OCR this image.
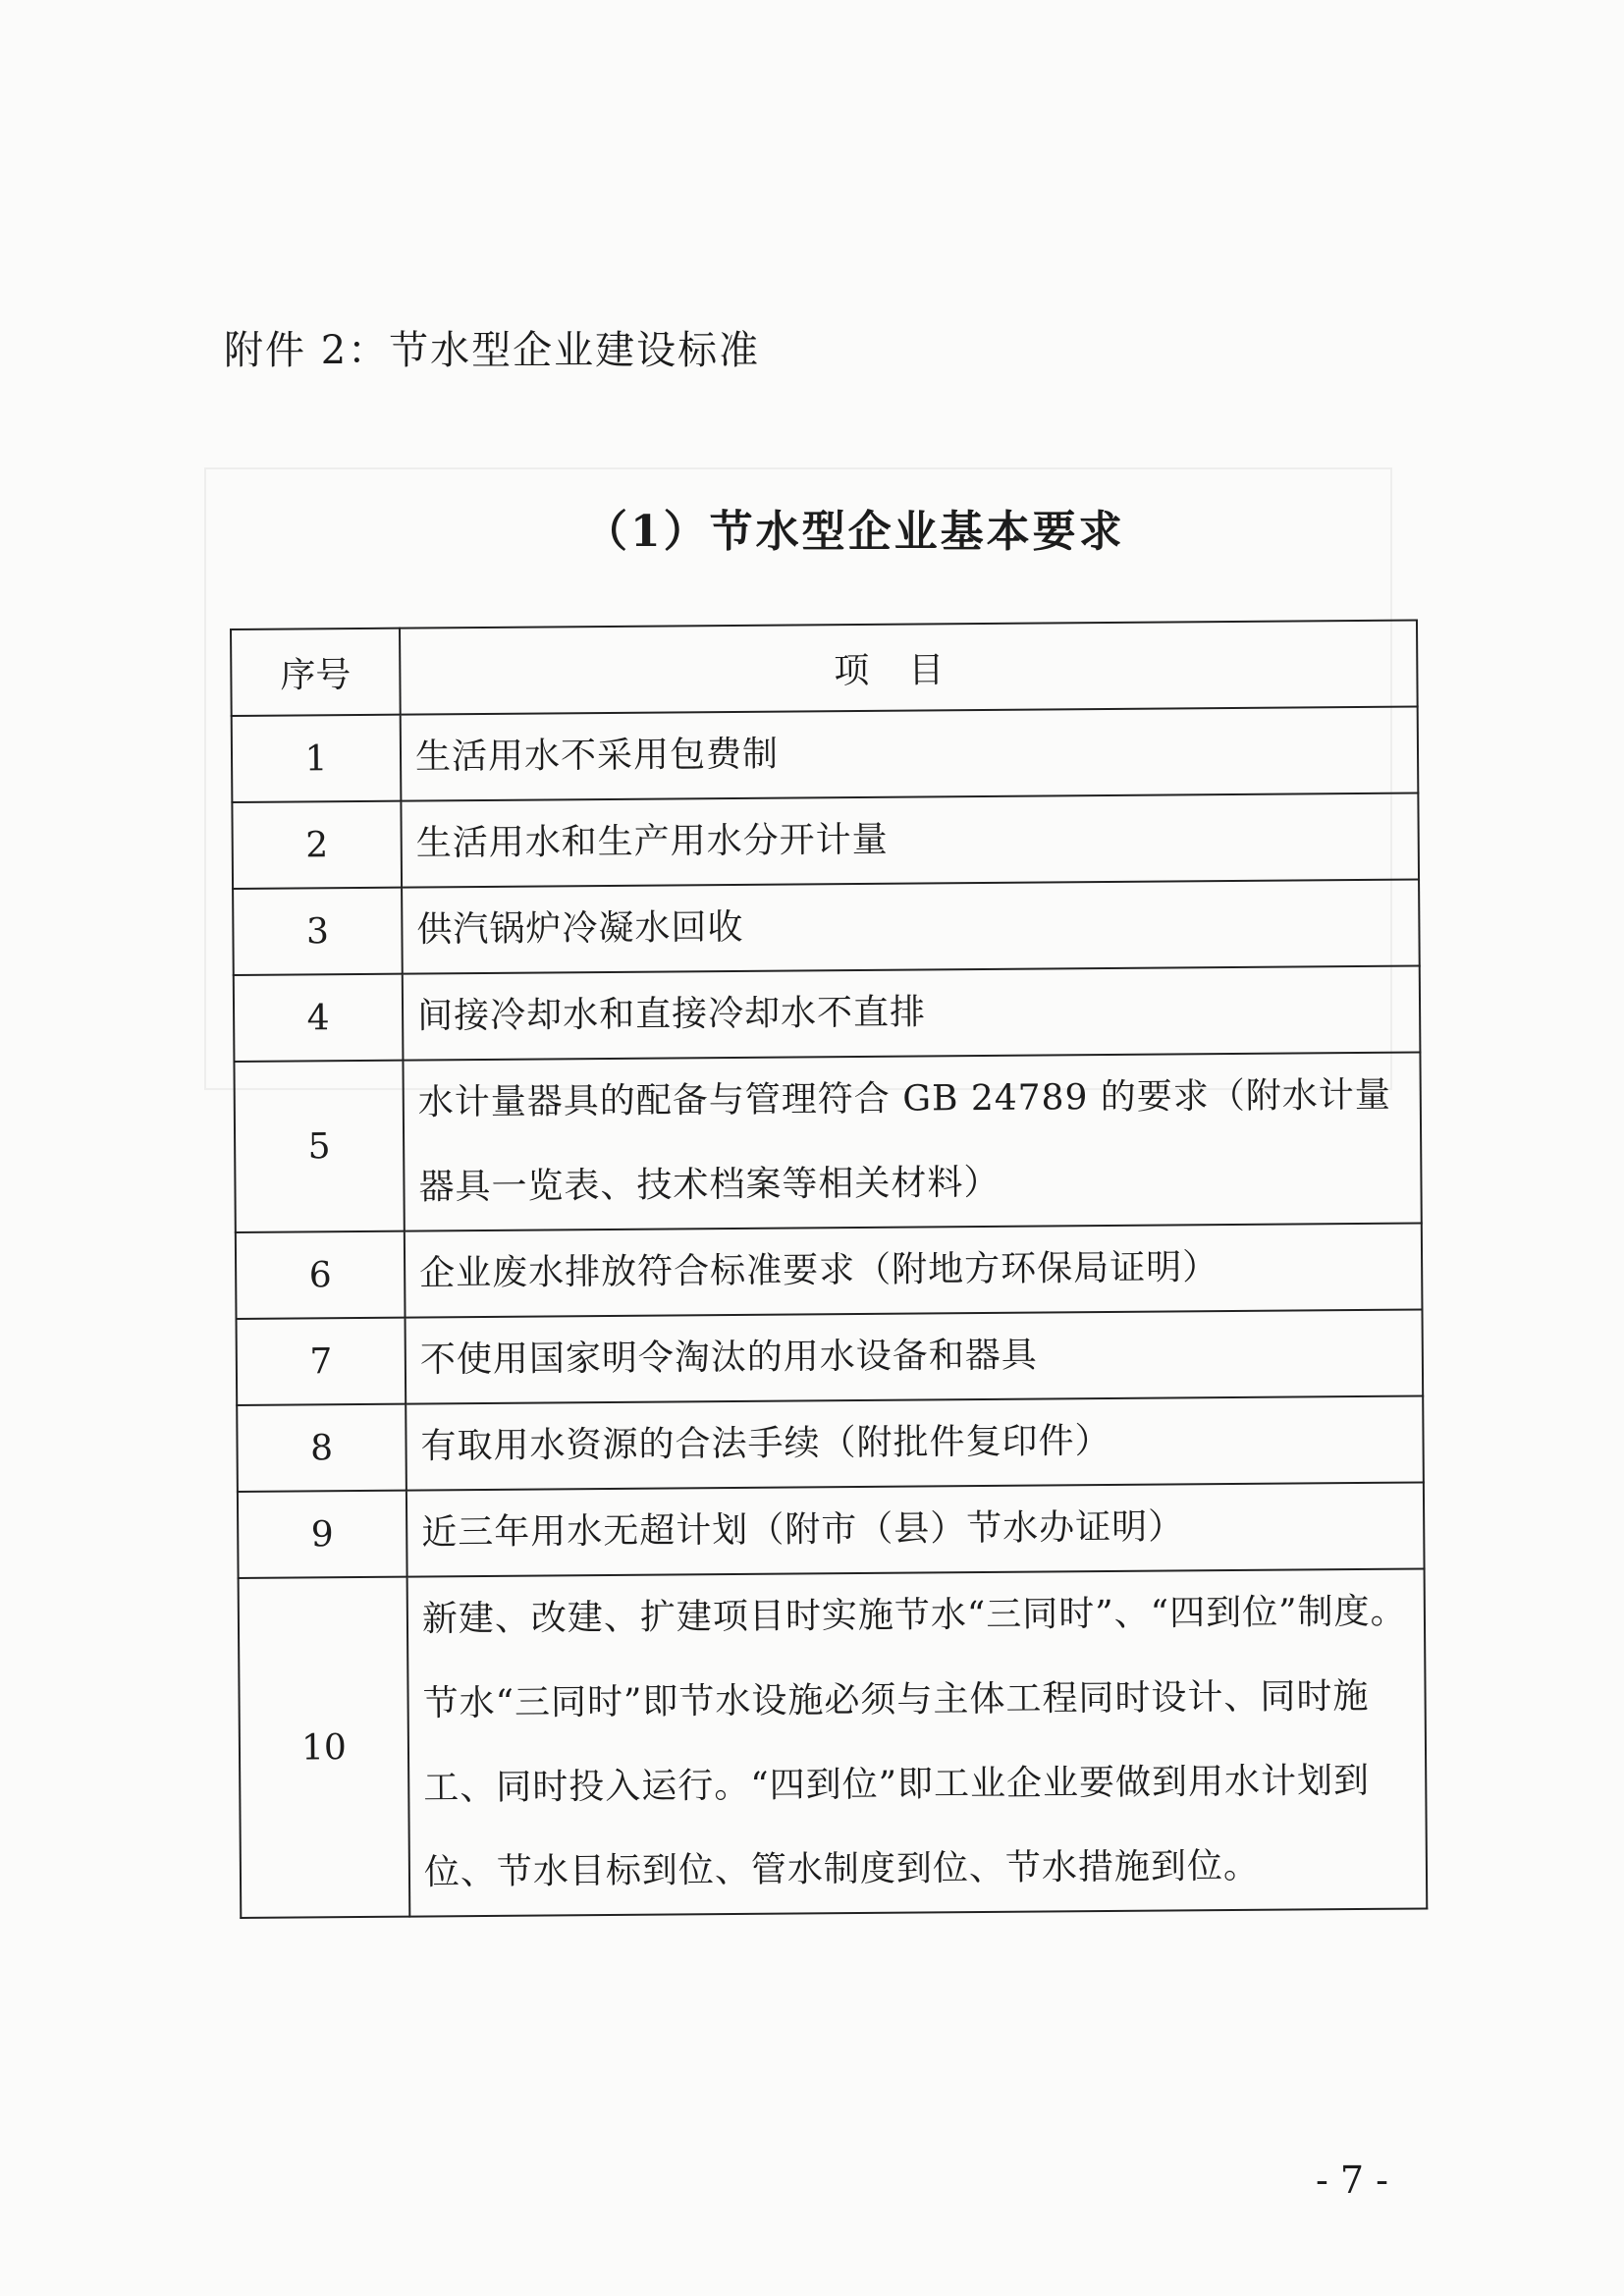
附件 2：节水型企业建设标准
（1）节水型企业基本要求
序号	项目
1	生活用水不采用包费制
2	生活用水和生产用水分开计量
3	供汽锅炉冷凝水回收
4	间接冷却水和直接冷却水不直排
5	水计量器具的配备与管理符合 GB 24789 的要求（附水计量器具一览表、技术档案等相关材料）
6	企业废水排放符合标准要求（附地方环保局证明）
7	不使用国家明令淘汰的用水设备和器具
8	有取用水资源的合法手续（附批件复印件）
9	近三年用水无超计划（附市（县）节水办证明）
10	新建、改建、扩建项目时实施节水“三同时”、“四到位”制度。节水“三同时”即节水设施必须与主体工程同时设计、同时施工、同时投入运行。“四到位”即工业企业要做到用水计划到位、节水目标到位、管水制度到位、节水措施到位。
- 7 -
